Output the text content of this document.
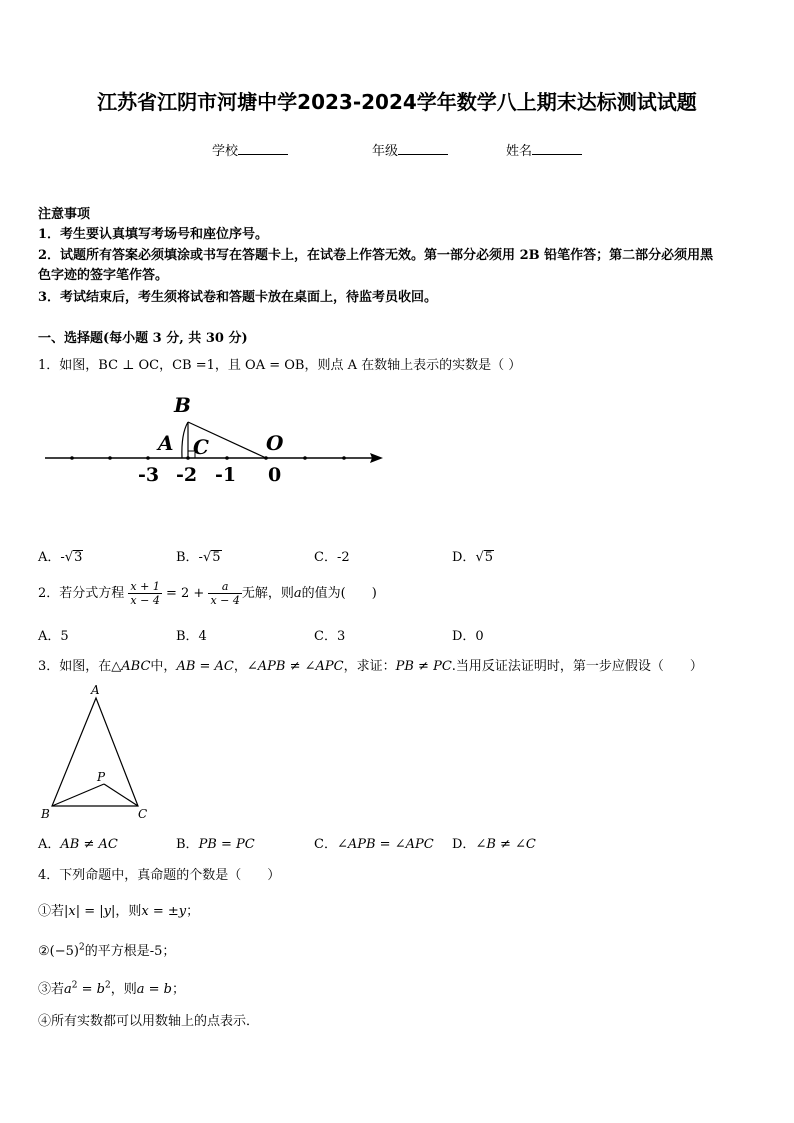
江苏省江阴市河塘中学2023-2024学年数学八上期末达标测试试题
学校	年级	姓名
注意事项
1．考生要认真填写考场号和座位序号。
2．试题所有答案必须填涂或书写在答题卡上，在试卷上作答无效。第一部分必须用 2B 铅笔作答；第二部分必须用黑
色字迹的签字笔作答。
3．考试结束后，考生须将试卷和答题卡放在桌面上，待监考员收回。
一、选择题(每小题 3 分, 共 30 分)
1．如图，BC ⊥ OC，CB =1，且 OA = OB，则点 A 在数轴上表示的实数是（ ）
B
A C	O
-3 -2 -1 0
A．-√3	B．-√5	C．-2	D．√5
2．若分式方程 $\frac{x + 1}{x - 4} = 2 + \frac{a}{x - 4}$ 无解，则a的值为(　　)
A．5	B．4	C．3	D．0
3．如图，在△ABC中，AB = AC，∠APB ≠ ∠APC，求证：PB ≠ PC.当用反证法证明时，第一步应假设（　　）
A
P
B	C
A．AB ≠ AC	B．PB = PC	C．∠APB = ∠APC D．∠B ≠ ∠C
4．下列命题中，真命题的个数是（　　）
①若|x| = |y|，则x = ±y；
$②(-5)^2$的平方根是-5；
③若$a^2 = b^2$，则a = b；
④所有实数都可以用数轴上的点表示．
